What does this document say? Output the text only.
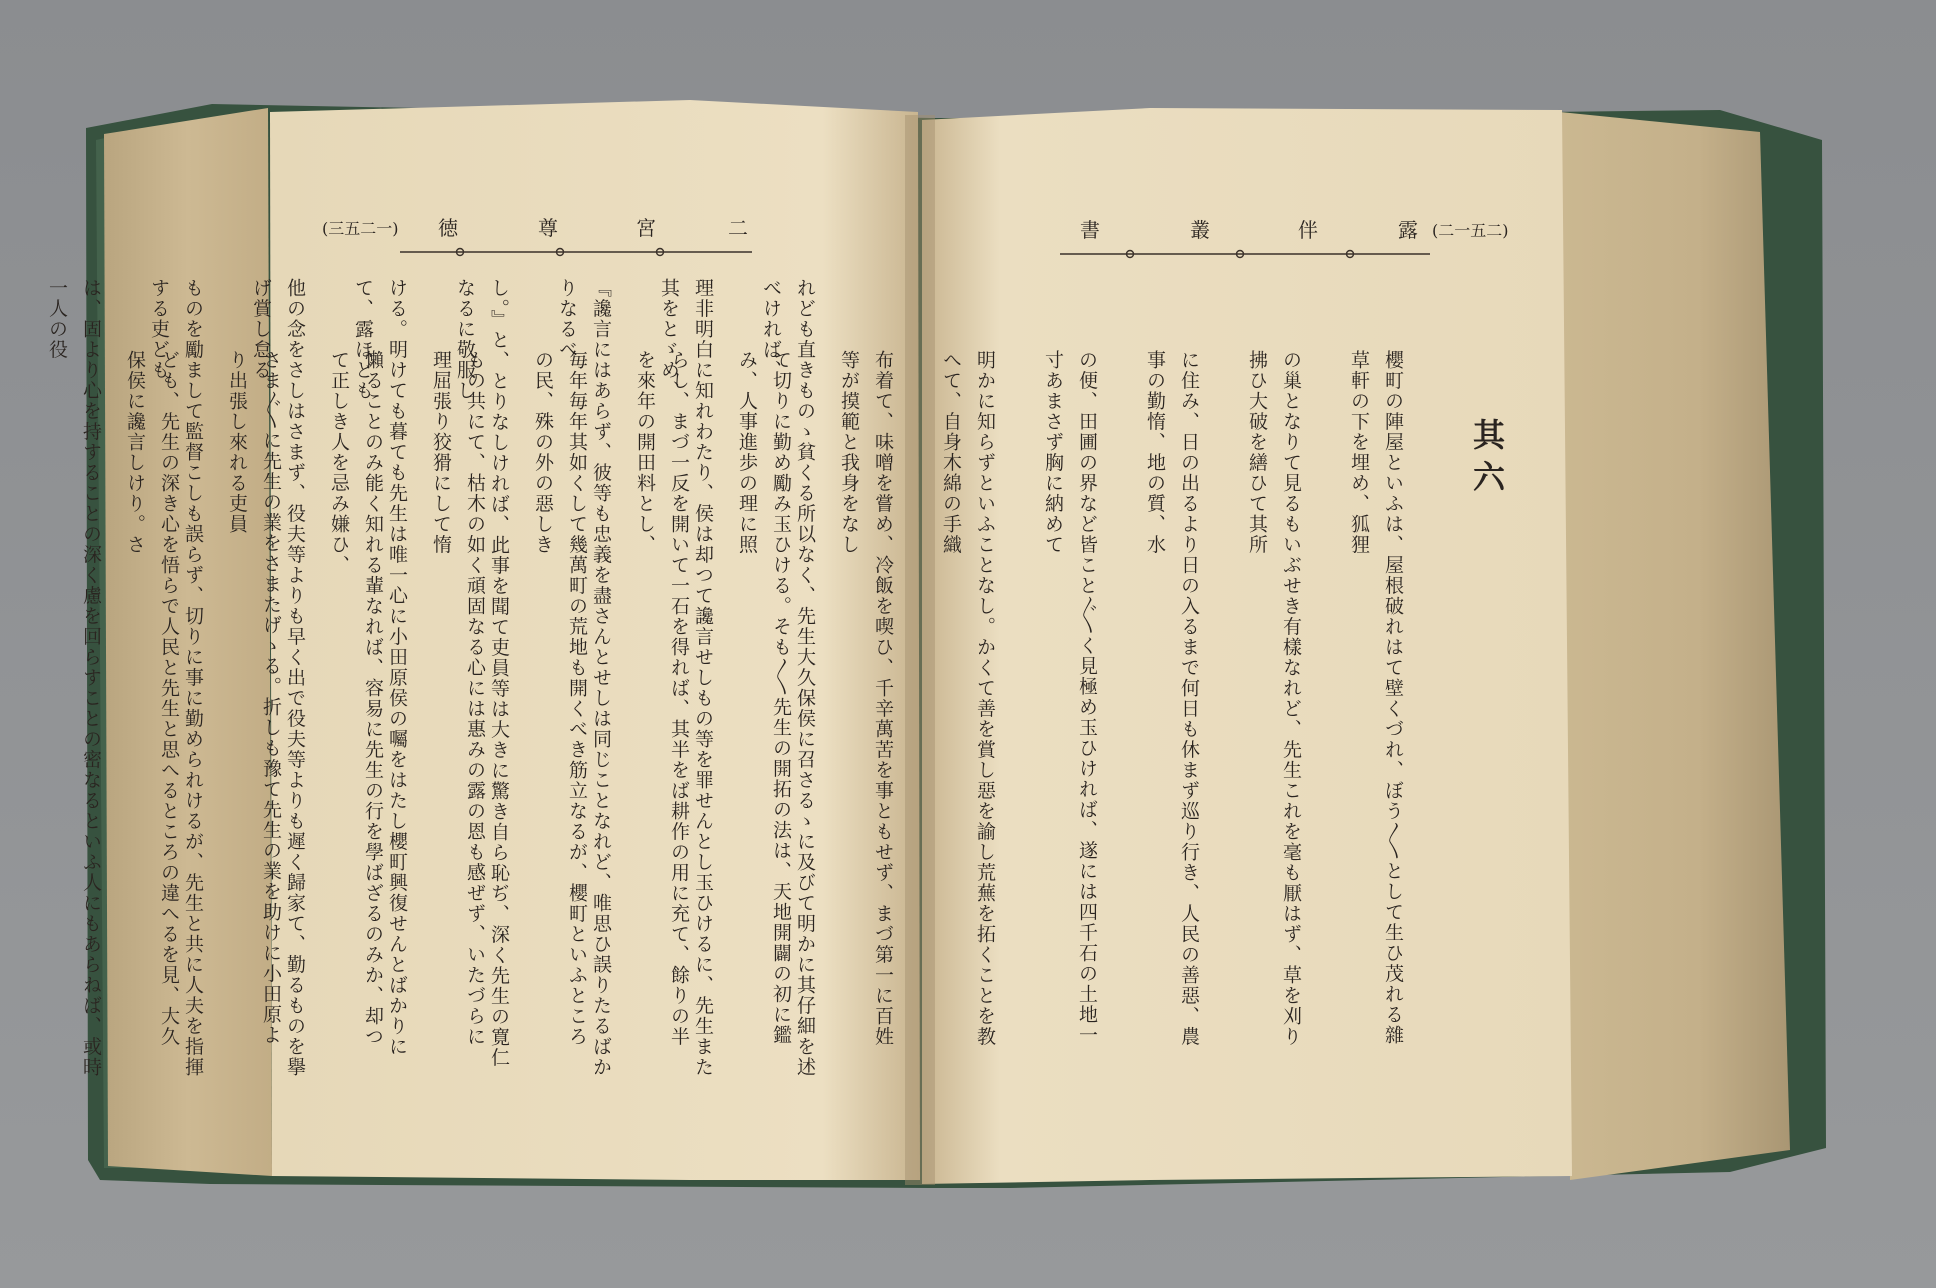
徳	尊	宮	二
(三五二一)	書	叢	伴	露 (二一五二)
其六

れども直きものゝ貧くる所以なく、先生大久保侯に召さるゝに及びて明かに其仔細を述べければ、

理非明白に知れわたり、侯は却つて讒言せしもの等を罪せんとし玉ひけるに、先生また其をとゞめ、

『讒言にはあらず、彼等も忠義を盡さんとせしは同じことなれど、唯思ひ誤りたるばかりなるべ

し。』と、とりなしければ、此事を聞て吏員等は大きに驚き自ら恥ぢ、深く先生の寛仁なるに敬服し

ける。明けても暮ても先生は唯一心に小田原侯の囑をはたし櫻町興復せんとばかりにて、露ほども

他の念をさしはさまず、役夫等よりも早く出で役夫等よりも遲く歸家て、勤るものを擧げ賞し怠る

ものを勵まして監督こしも誤らず、切りに事に勤められけるが、先生と共に人夫を指揮する吏ども

は、固より心を持することの深く慮を回らすことの密なるといふ人にもあらねば、或時一人の役

櫻町の陣屋といふは、屋根破れはて壁くづれ、ぼう〳〵として生ひ茂れる雜草軒の下を埋め、狐狸

の巢となりて見るもいぶせき有樣なれど、先生これを毫も厭はず、草を刈り拂ひ大破を繕ひて其所

に住み、日の出るより日の入るまで何日も休まず巡り行き、人民の善惡、農事の勤惰、地の質、水

の便、田圃の界など皆こと〴〵く見極め玉ひければ、遂には四千石の土地一寸あまさず胸に納めて

明かに知らずといふことなし。かくて善を賞し惡を諭し荒蕪を拓くことを教へて、自身木綿の手織

布着て、味噌を嘗め、冷飯を喫ひ、千辛萬苦を事ともせず、まづ第一に百姓等が摸範と我身をなし

て切りに勤め勵み玉ひける。そも〳〵先生の開拓の法は、天地開闢の初に鑑み、人事進歩の理に照

らし、まづ一反を開いて一石を得れば、其半をば耕作の用に充て、餘りの半を來年の開田料とし、

毎年毎年其如くして幾萬町の荒地も開くべき筋立なるが、櫻町といふところの民、殊の外の惡しき

もの共にて、枯木の如く頑固なる心には惠みの露の恩も感ぜず、いたづらに理屈張り狡猾にして惰

懶ることのみ能く知れる輩なれば、容易に先生の行を學ばざるのみか、却つて正しき人を忌み嫌ひ、

さま〴〵に先生の業をさまたげゝる。折しも豫て先生の業を助けに小田原より出張し來れる吏員

ども、先生の深き心を悟らで人民と先生と思へるところの違へるを見、大久保侯に讒言しけり。さ
